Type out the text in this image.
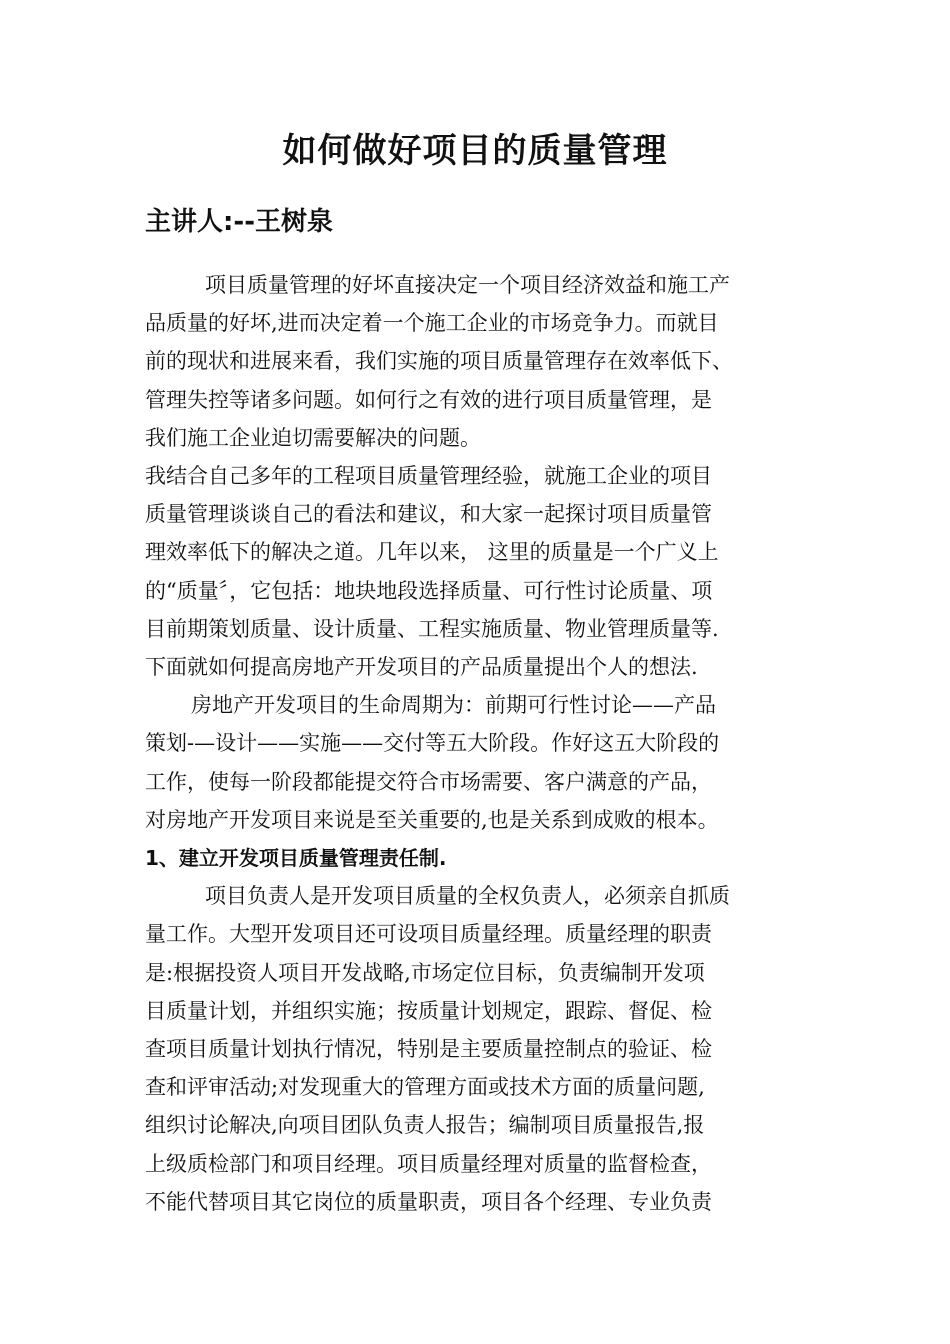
如何做好项目的质量管理
主讲人:--王树泉

项目质量管理的好坏直接决定一个项目经济效益和施工产
品质量的好坏,进而决定着一个施工企业的市场竞争力。而就目
前的现状和进展来看，我们实施的项目质量管理存在效率低下、
管理失控等诸多问题。如何行之有效的进行项目质量管理，是
我们施工企业迫切需要解决的问题。

我结合自己多年的工程项目质量管理经验，就施工企业的项目
质量管理谈谈自己的看法和建议，和大家一起探讨项目质量管
理效率低下的解决之道。几年以来， 这里的质量是一个广义上
的“质量〞，它包括：地块地段选择质量、可行性讨论质量、项
目前期策划质量、设计质量、工程实施质量、物业管理质量等.
下面就如何提高房地产开发项目的产品质量提出个人的想法.

房地产开发项目的生命周期为：前期可行性讨论——产品
策划-—设计——实施——交付等五大阶段。作好这五大阶段的
工作，使每一阶段都能提交符合市场需要、客户满意的产品，
对房地产开发项目来说是至关重要的,也是关系到成败的根本。

1、建立开发项目质量管理责任制.

项目负责人是开发项目质量的全权负责人，必须亲自抓质
量工作。大型开发项目还可设项目质量经理。质量经理的职责
是:根据投资人项目开发战略,市场定位目标，负责编制开发项
目质量计划，并组织实施；按质量计划规定，跟踪、督促、检
查项目质量计划执行情况，特别是主要质量控制点的验证、检
查和评审活动;对发现重大的管理方面或技术方面的质量问题,
组织讨论解决,向项目团队负责人报告；编制项目质量报告,报
上级质检部门和项目经理。项目质量经理对质量的监督检查，
不能代替项目其它岗位的质量职责，项目各个经理、专业负责
